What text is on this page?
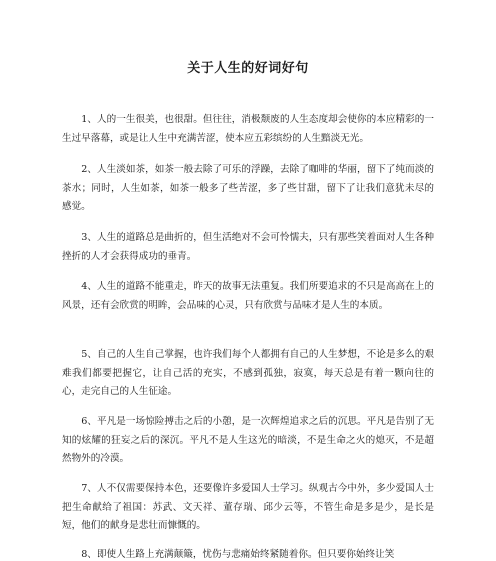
关于人生的好词好句

1、人的一生很美，也很甜。但往往，消极颓废的人生态度却会使你的本应精彩的一生过早落幕，或是让人生中充满苦涩，使本应五彩缤纷的人生黯淡无光。

2、人生淡如茶，如茶一般去除了可乐的浮躁，去除了咖啡的华丽，留下了纯而淡的茶水；同时，人生如茶，如茶一般多了些苦涩，多了些甘甜，留下了让我们意犹未尽的感觉。

3、人生的道路总是曲折的，但生活绝对不会可怜懦夫，只有那些笑着面对人生各种挫折的人才会获得成功的垂青。

4、人生的道路不能重走，昨天的故事无法重复。我们所要追求的不只是高高在上的风景，还有会欣赏的明眸，会品味的心灵，只有欣赏与品味才是人生的本质。

5、自己的人生自己掌握，也许我们每个人都拥有自己的人生梦想，不论是多么的艰难我们都要把握它，让自己活的充实，不感到孤独，寂寞，每天总是有着一颗向往的心，走完自己的人生征途。

6、平凡是一场惊险搏击之后的小憩，是一次辉煌追求之后的沉思。平凡是告别了无知的炫耀的狂妄之后的深沉。平凡不是人生这光的暗淡，不是生命之火的熄灭，不是超然物外的冷漠。

7、人不仅需要保持本色，还要像许多爱国人士学习。纵观古今中外，多少爱国人士把生命献给了祖国：苏武、文天祥、董存瑞、邱少云等，不管生命是多是少，是长是短，他们的献身是悲壮而慷慨的。

8、即使人生路上充满颠簸，忧伤与悲痛始终紧随着你。但只要你始终让笑
